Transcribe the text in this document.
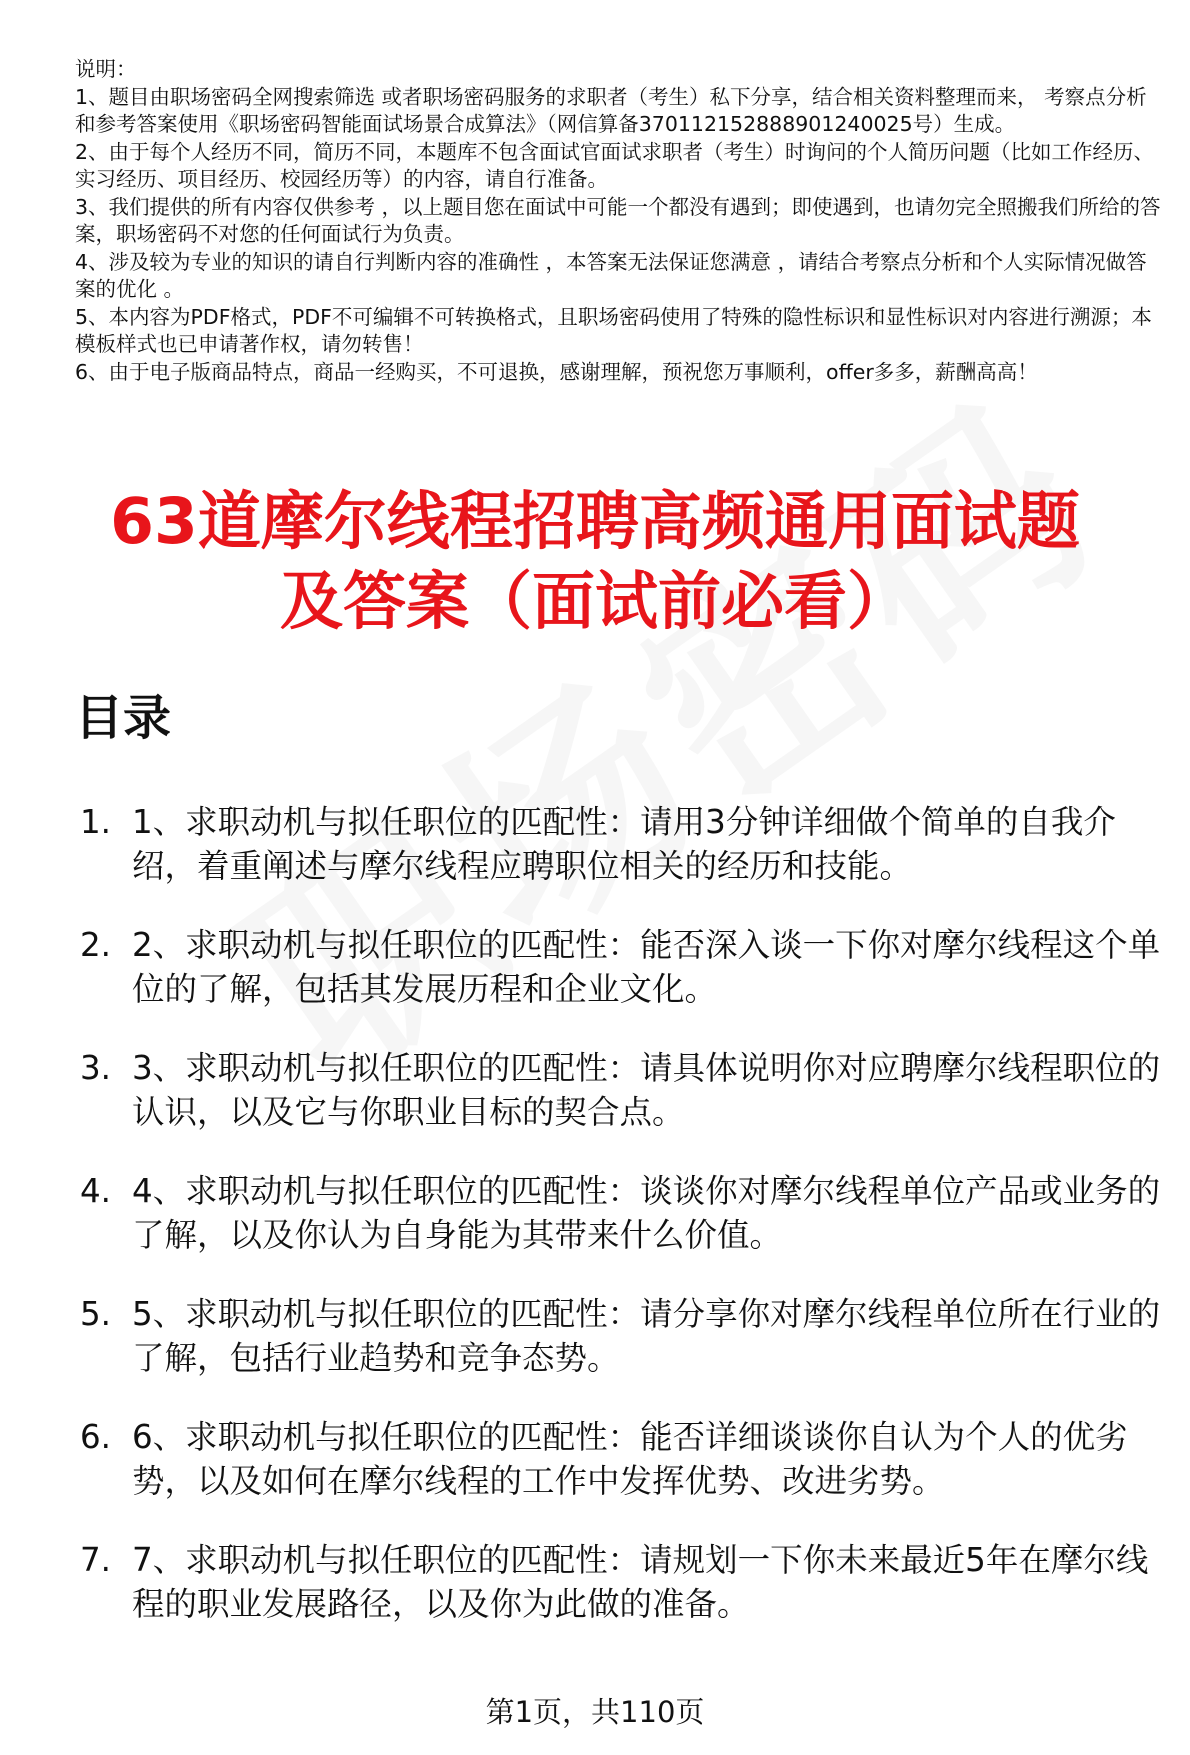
说明：

1、题目由职场密码全网搜索筛选 或者职场密码服务的求职者（考生）私下分享，结合相关资料整理而来， 考察点分析和参考答案使用《职场密码智能面试场景合成算法》（网信算备370112152888901240025号）生成。

2、由于每个人经历不同，简历不同，本题库不包含面试官面试求职者（考生）时询问的个人简历问题（比如工作经历、实习经历、项目经历、校园经历等）的内容，请自行准备。

3、我们提供的所有内容仅供参考 ，以上题目您在面试中可能一个都没有遇到；即使遇到，也请勿完全照搬我们所给的答案，职场密码不对您的任何面试行为负责。

4、涉及较为专业的知识的请自行判断内容的准确性 ，本答案无法保证您满意 ，请结合考察点分析和个人实际情况做答案的优化 。

5、本内容为PDF格式，PDF不可编辑不可转换格式，且职场密码使用了特殊的隐性标识和显性标识对内容进行溯源；本模板样式也已申请著作权，请勿转售！

6、由于电子版商品特点，商品一经购买，不可退换，感谢理解，预祝您万事顺利，offer多多，薪酬高高！

63道摩尔线程招聘高频通用面试题
及答案（面试前必看）
目录
1. 1、求职动机与拟任职位的匹配性：请用3分钟详细做个简单的自我介绍，着重阐述与摩尔线程应聘职位相关的经历和技能。
2. 2、求职动机与拟任职位的匹配性：能否深入谈一下你对摩尔线程这个单位的了解，包括其发展历程和企业文化。
3. 3、求职动机与拟任职位的匹配性：请具体说明你对应聘摩尔线程职位的认识，以及它与你职业目标的契合点。
4. 4、求职动机与拟任职位的匹配性：谈谈你对摩尔线程单位产品或业务的了解，以及你认为自身能为其带来什么价值。
5. 5、求职动机与拟任职位的匹配性：请分享你对摩尔线程单位所在行业的了解，包括行业趋势和竞争态势。
6. 6、求职动机与拟任职位的匹配性：能否详细谈谈你自认为个人的优劣势，以及如何在摩尔线程的工作中发挥优势、改进劣势。
7. 7、求职动机与拟任职位的匹配性：请规划一下你未来最近5年在摩尔线程的职业发展路径，以及你为此做的准备。
第1页，共110页
